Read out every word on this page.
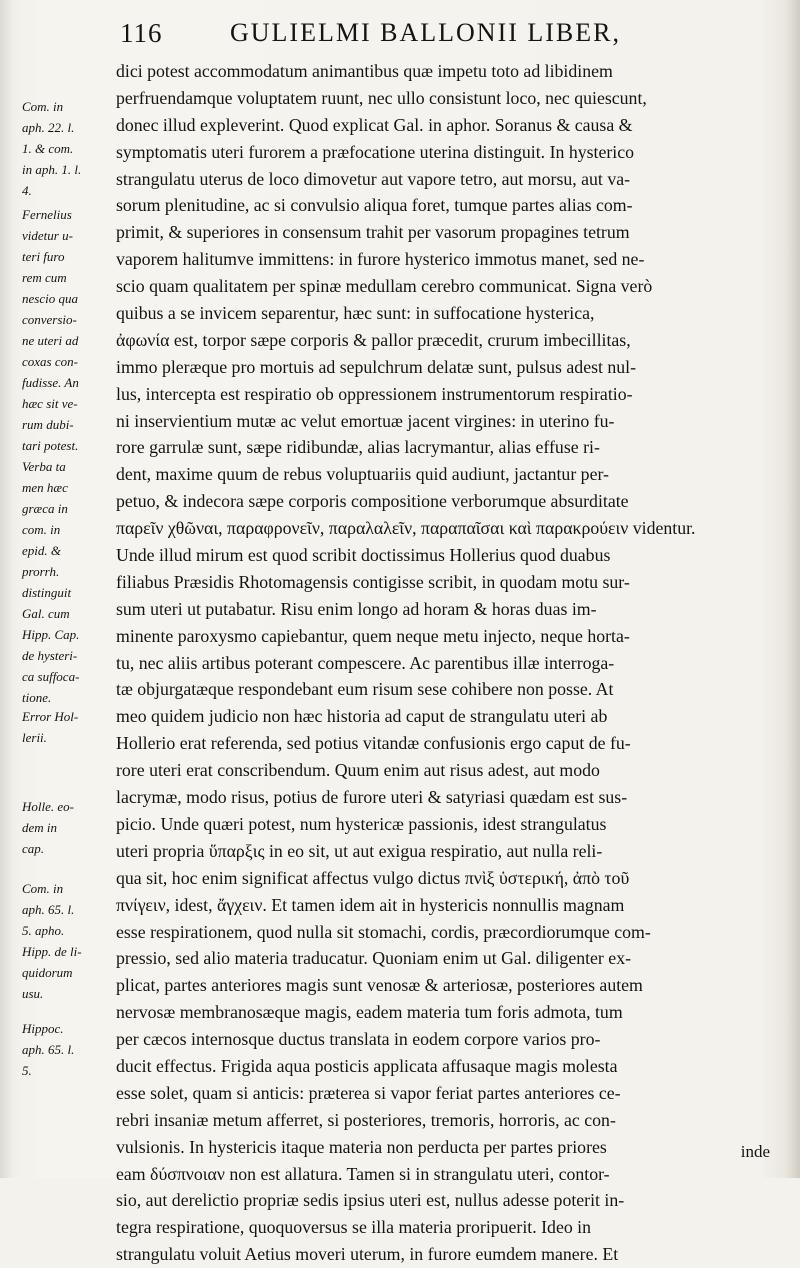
116	GULIELMI BALLONII LIBER,
Com. in
aph. 22. l.
1. & com.
in aph. 1. l.
4.
Fernelius
videtur u-
teri furo
rem cum
nescio qua
conversio-
ne uteri ad
coxas con-
fudisse. An
hæc sit ve-
rum dubi-
tari potest.
Verba ta
men hæc
græca in
com. in
epid. &
prorrh.
distinguit
Gal. cum
Hipp. Cap.
de hysteri-
ca suffoca-
tione.
Error Hol-
lerii.
Holle. eo-
dem in
cap.
Com. in
aph. 65. l.
5. apho.
Hipp. de li-
quidorum
usu.
Hippoc.
aph. 65. l.
5.
dici potest accommodatum animantibus quæ impetu toto ad libidinem
perfruendamque voluptatem ruunt, nec ullo consistunt loco, nec quiescunt,
donec illud expleverint. Quod explicat Gal. in aphor. Soranus & causa &
symptomatis uteri furorem a præfocatione uterina distinguit. In hysterico
strangulatu uterus de loco dimovetur aut vapore tetro, aut morsu, aut va-
sorum plenitudine, ac si convulsio aliqua foret, tumque partes alias com-
primit, & superiores in consensum trahit per vasorum propagines tetrum
vaporem halitumve immittens: in furore hysterico immotus manet, sed ne-
scio quam qualitatem per spinæ medullam cerebro communicat. Signa verò
quibus a se invicem separentur, hæc sunt: in suffocatione hysterica,
ἀφωνία est, torpor sæpe corporis & pallor præcedit, crurum imbecillitas,
immo pleræque pro mortuis ad sepulchrum delatæ sunt, pulsus adest nul-
lus, intercepta est respiratio ob oppressionem instrumentorum respiratio-
ni inservientium mutæ ac velut emortuæ jacent virgines: in uterino fu-
rore garrulæ sunt, sæpe ridibundæ, alias lacrymantur, alias effuse ri-
dent, maxime quum de rebus voluptuariis quid audiunt, jactantur per-
petuo, & indecora sæpe corporis compositione verborumque absurditate
παρεῖν χθῶναι, παραφρονεῖν, παραλαλεῖν, παραπαῖσαι καὶ παρακρούειν videntur.
Unde illud mirum est quod scribit doctissimus Hollerius quod duabus
filiabus Præsidis Rhotomagensis contigisse scribit, in quodam motu sur-
sum uteri ut putabatur. Risu enim longo ad horam & horas duas im-
minente paroxysmo capiebantur, quem neque metu injecto, neque horta-
tu, nec aliis artibus poterant compescere. Ac parentibus illæ interroga-
tæ objurgatæque respondebant eum risum sese cohibere non posse. At
meo quidem judicio non hæc historia ad caput de strangulatu uteri ab
Hollerio erat referenda, sed potius vitandæ confusionis ergo caput de fu-
rore uteri erat conscribendum. Quum enim aut risus adest, aut modo
lacrymæ, modo risus, potius de furore uteri & satyriasi quædam est sus-
picio. Unde quæri potest, num hystericæ passionis, idest strangulatus
uteri propria ὕπαρξις in eo sit, ut aut exigua respiratio, aut nulla reli-
qua sit, hoc enim significat affectus vulgo dictus πνὶξ ὑστερική, ἀπὸ τοῦ
πνίγειν, idest, ἄγχειν. Et tamen idem ait in hystericis nonnullis magnam
esse respirationem, quod nulla sit stomachi, cordis, præcordiorumque com-
pressio, sed alio materia traducatur. Quoniam enim ut Gal. diligenter ex-
plicat, partes anteriores magis sunt venosæ & arteriosæ, posteriores autem
nervosæ membranosæque magis, eadem materia tum foris admota, tum
per cæcos internosque ductus translata in eodem corpore varios pro-
ducit effectus. Frigida aqua posticis applicata affusaque magis molesta
esse solet, quam si anticis: præterea si vapor feriat partes anteriores ce-
rebri insaniæ metum afferret, si posteriores, tremoris, horroris, ac con-
vulsionis. In hystericis itaque materia non perducta per partes priores
eam δύσπνοιαν non est allatura. Tamen si in strangulatu uteri, contor-
sio, aut derelictio propriæ sedis ipsius uteri est, nullus adesse poterit in-
tegra respiratione, quoquoversus se illa materia proripuerit. Ideo in
strangulatu voluit Aetius moveri uterum, in furore eumdem manere. Et
inde
